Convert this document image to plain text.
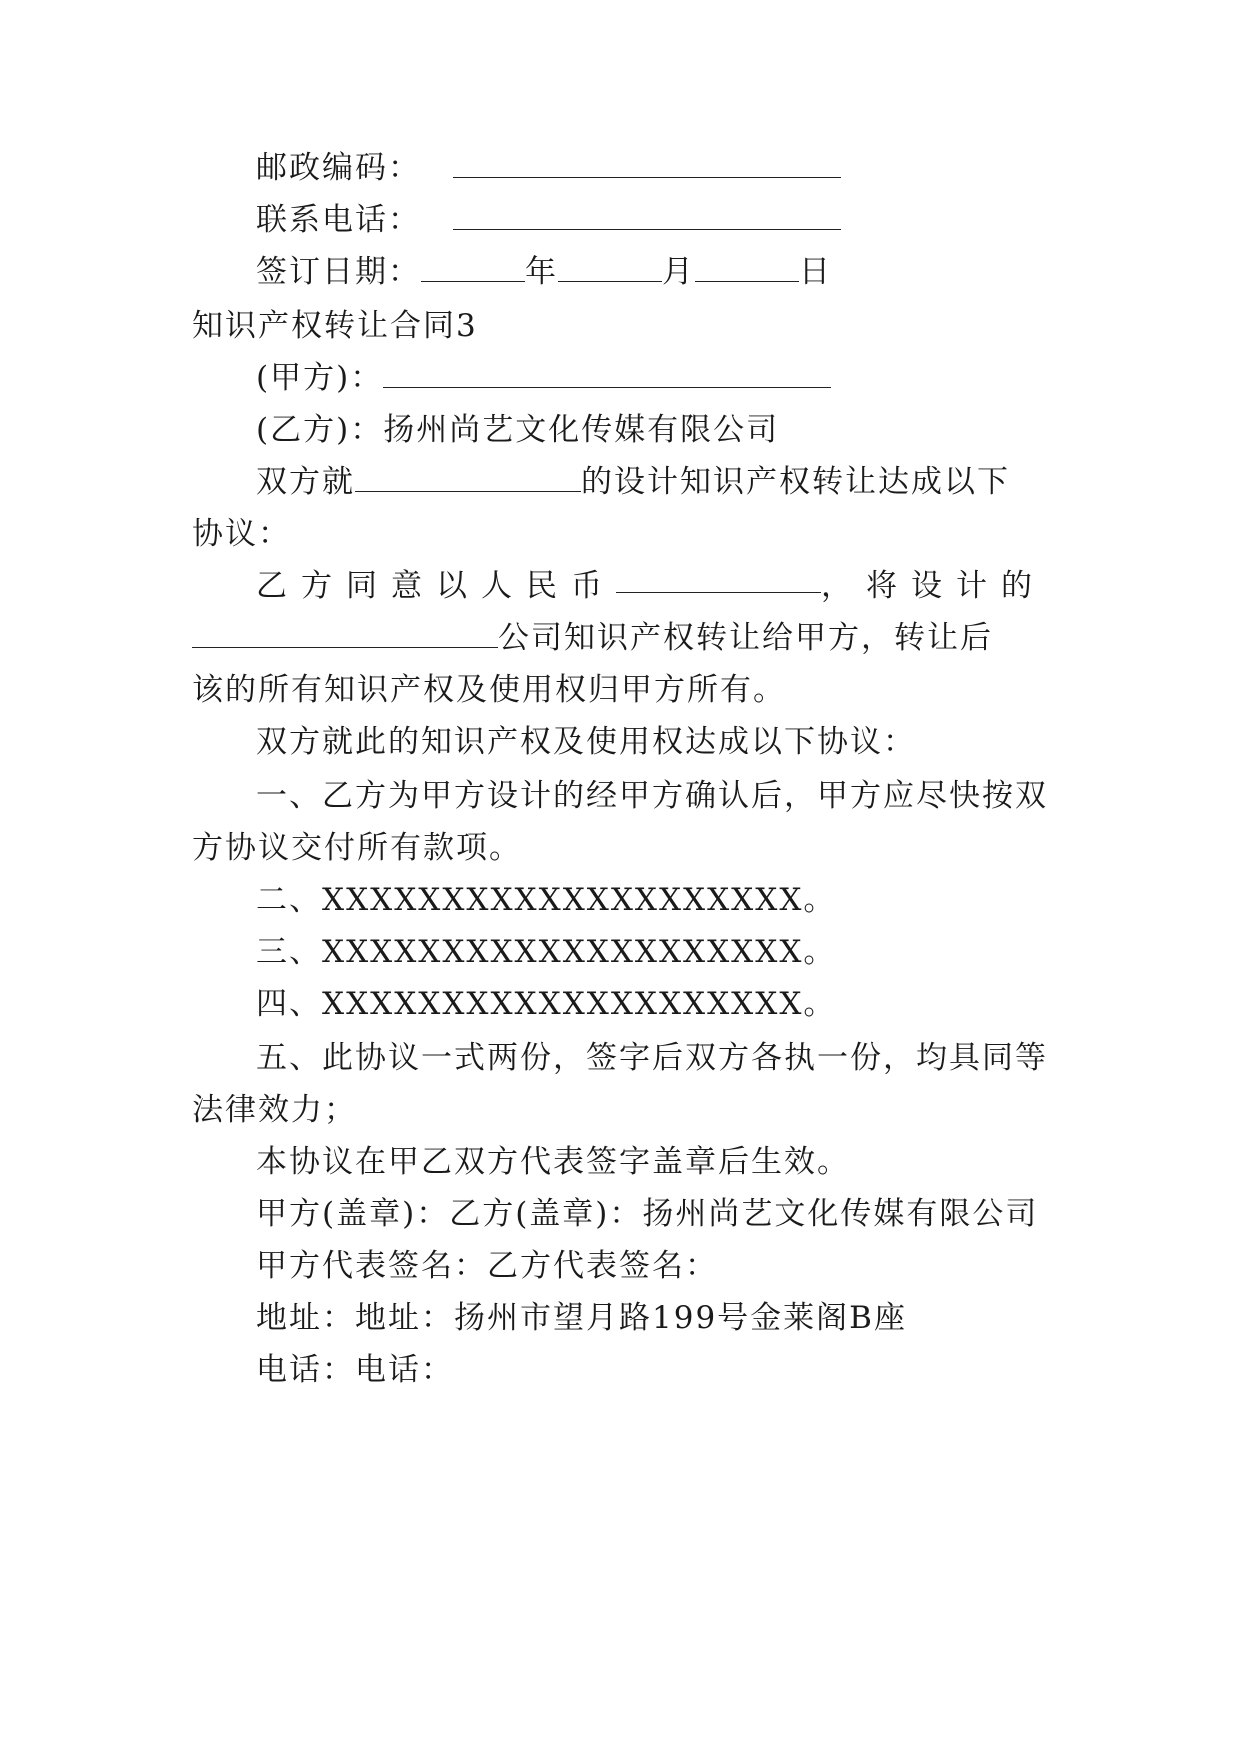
邮政编码：
联系电话：
签订日期：	年	月	日
知识产权转让合同3
(甲方)：
(乙方)：扬州尚艺文化传媒有限公司
双方就	的设计知识产权转让达成以下
协议：
乙方同意以人民币	，将设计的
公司知识产权转让给甲方，转让后
该的所有知识产权及使用权归甲方所有。
双方就此的知识产权及使用权达成以下协议：
一、乙方为甲方设计的经甲方确认后，甲方应尽快按双
方协议交付所有款项。
二、XXXXXXXXXXXXXXXXXXXX。
三、XXXXXXXXXXXXXXXXXXXX。
四、XXXXXXXXXXXXXXXXXXXX。
五、此协议一式两份，签字后双方各执一份，均具同等
法律效力；
本协议在甲乙双方代表签字盖章后生效。
甲方(盖章)：乙方(盖章)：扬州尚艺文化传媒有限公司
甲方代表签名：乙方代表签名：
地址：地址：扬州市望月路199号金莱阁B座
电话：电话：
